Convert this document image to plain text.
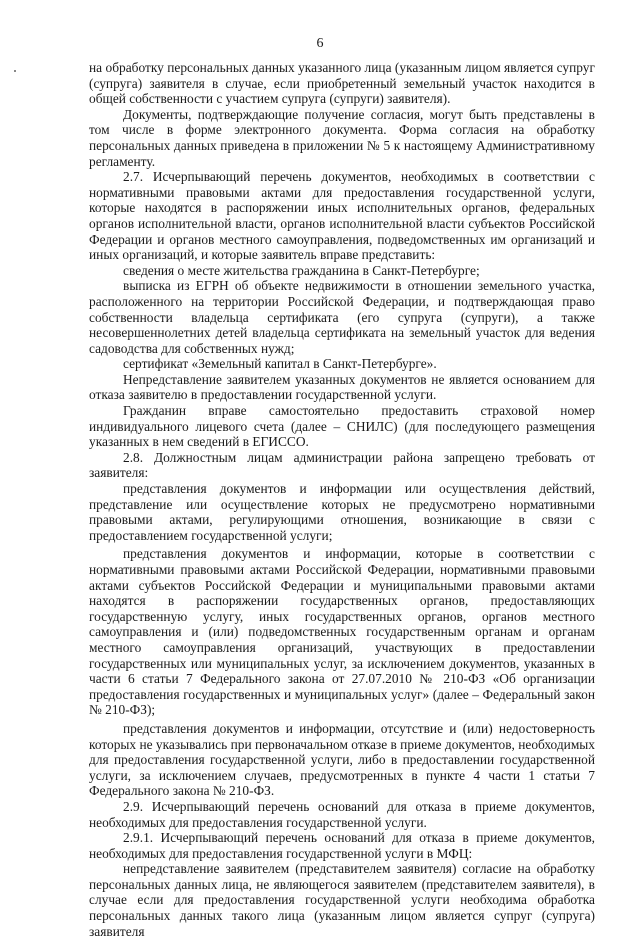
6

на обработку персональных данных указанного лица (указанным лицом является супруг (супруга) заявителя в случае, если приобретенный земельный участок находится в общей собственности с участием супруга (супруги) заявителя).

Документы, подтверждающие получение согласия, могут быть представлены в том числе в форме электронного документа. Форма согласия на обработку персональных данных приведена в приложении № 5 к настоящему Административному регламенту.

2.7. Исчерпывающий перечень документов, необходимых в соответствии с нормативными правовыми актами для предоставления государственной услуги, которые находятся в распоряжении иных исполнительных органов, федеральных органов исполнительной власти, органов исполнительной власти субъектов Российской Федерации и органов местного самоуправления, подведомственных им организаций и иных организаций, и которые заявитель вправе представить:

сведения о месте жительства гражданина в Санкт-Петербурге;

выписка из ЕГРН об объекте недвижимости в отношении земельного участка, расположенного на территории Российской Федерации, и подтверждающая право собственности владельца сертификата (его супруга (супруги), а также несовершеннолетних детей владельца сертификата на земельный участок для ведения садоводства для собственных нужд;

сертификат «Земельный капитал в Санкт-Петербурге».

Непредставление заявителем указанных документов не является основанием для отказа заявителю в предоставлении государственной услуги.

Гражданин вправе самостоятельно предоставить страховой номер индивидуального лицевого счета (далее – СНИЛС) (для последующего размещения указанных в нем сведений в ЕГИССО.

2.8. Должностным лицам администрации района запрещено требовать от заявителя:

представления документов и информации или осуществления действий, представление или осуществление которых не предусмотрено нормативными правовыми актами, регулирующими отношения, возникающие в связи с предоставлением государственной услуги;

представления документов и информации, которые в соответствии с нормативными правовыми актами Российской Федерации, нормативными правовыми актами субъектов Российской Федерации и муниципальными правовыми актами находятся в распоряжении государственных органов, предоставляющих государственную услугу, иных государственных органов, органов местного самоуправления и (или) подведомственных государственным органам и органам местного самоуправления организаций, участвующих в предоставлении государственных или муниципальных услуг, за исключением документов, указанных в части 6 статьи 7 Федерального закона от 27.07.2010 № 210-ФЗ «Об организации предоставления государственных и муниципальных услуг» (далее – Федеральный закон № 210-ФЗ);

представления документов и информации, отсутствие и (или) недостоверность которых не указывались при первоначальном отказе в приеме документов, необходимых для предоставления государственной услуги, либо в предоставлении государственной услуги, за исключением случаев, предусмотренных в пункте 4 части 1 статьи 7 Федерального закона № 210-ФЗ.

2.9. Исчерпывающий перечень оснований для отказа в приеме документов, необходимых для предоставления государственной услуги.

2.9.1. Исчерпывающий перечень оснований для отказа в приеме документов, необходимых для предоставления государственной услуги в МФЦ:

непредставление заявителем (представителем заявителя) согласие на обработку персональных данных лица, не являющегося заявителем (представителем заявителя), в случае если для предоставления государственной услуги необходима обработка персональных данных такого лица (указанным лицом является супруг (супруга) заявителя
